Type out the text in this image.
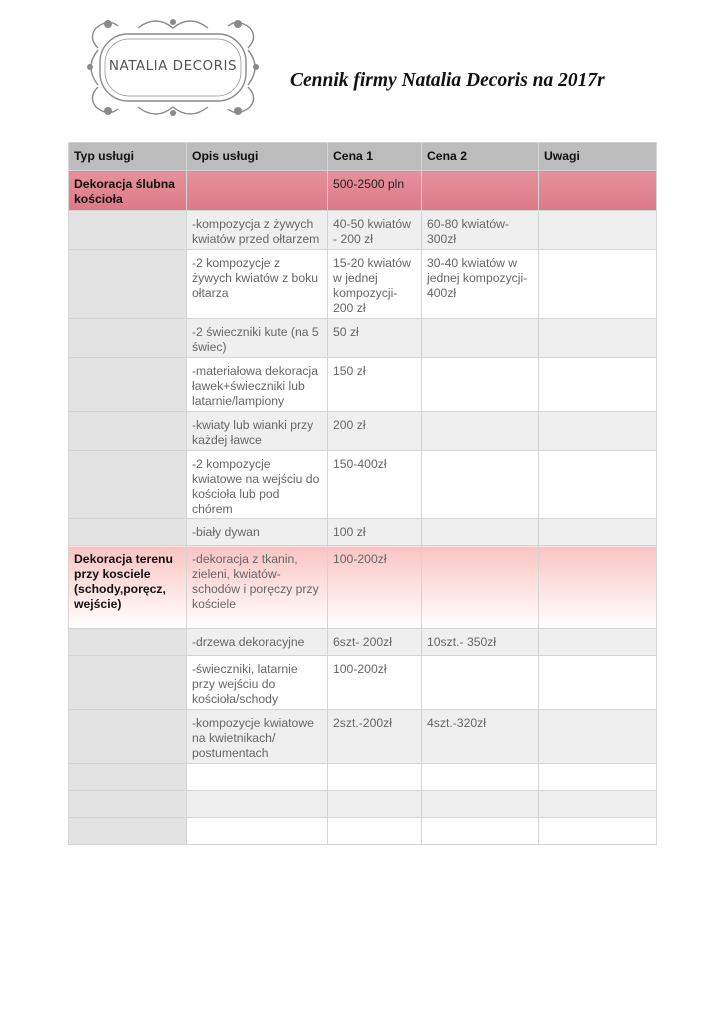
NATALIA DECORIS
Cennik firmy Natalia Decoris na 2017r
Typ usługi	Opis usługi	Cena 1	Cena 2	Uwagi
Dekoracja ślubna kościoła		500-2500 pln		
	-kompozycja z żywych kwiatów przed ołtarzem	40-50 kwiatów - 200 zł	60-80 kwiatów-300zł	
	-2 kompozycje z żywych kwiatów z boku ołtarza	15-20 kwiatów w jednej kompozycji- 200 zł	30-40 kwiatów w jednej kompozycji- 400zł	
	-2 świeczniki kute (na 5 świec)	50 zł		
	-materiałowa dekoracja ławek+świeczniki lub latarnie/lampiony	150 zł		
	-kwiaty lub wianki przy każdej ławce	200 zł		
	-2 kompozycje kwiatowe na wejściu do kościoła lub pod chórem	150-400zł		
	-biały dywan	100 zł		
Dekoracja terenu przy kosciele (schody,poręcz, wejście)	-dekoracja z tkanin, zieleni, kwiatów- schodów i poręczy przy kościele	100-200zł		
	-drzewa dekoracyjne	6szt- 200zł	10szt.- 350zł	
	-świeczniki, latarnie przy wejściu do kościoła/schody	100-200zł		
	-kompozycje kwiatowe na kwietnikach/ postumentach	2szt.-200zł	4szt.-320zł	
